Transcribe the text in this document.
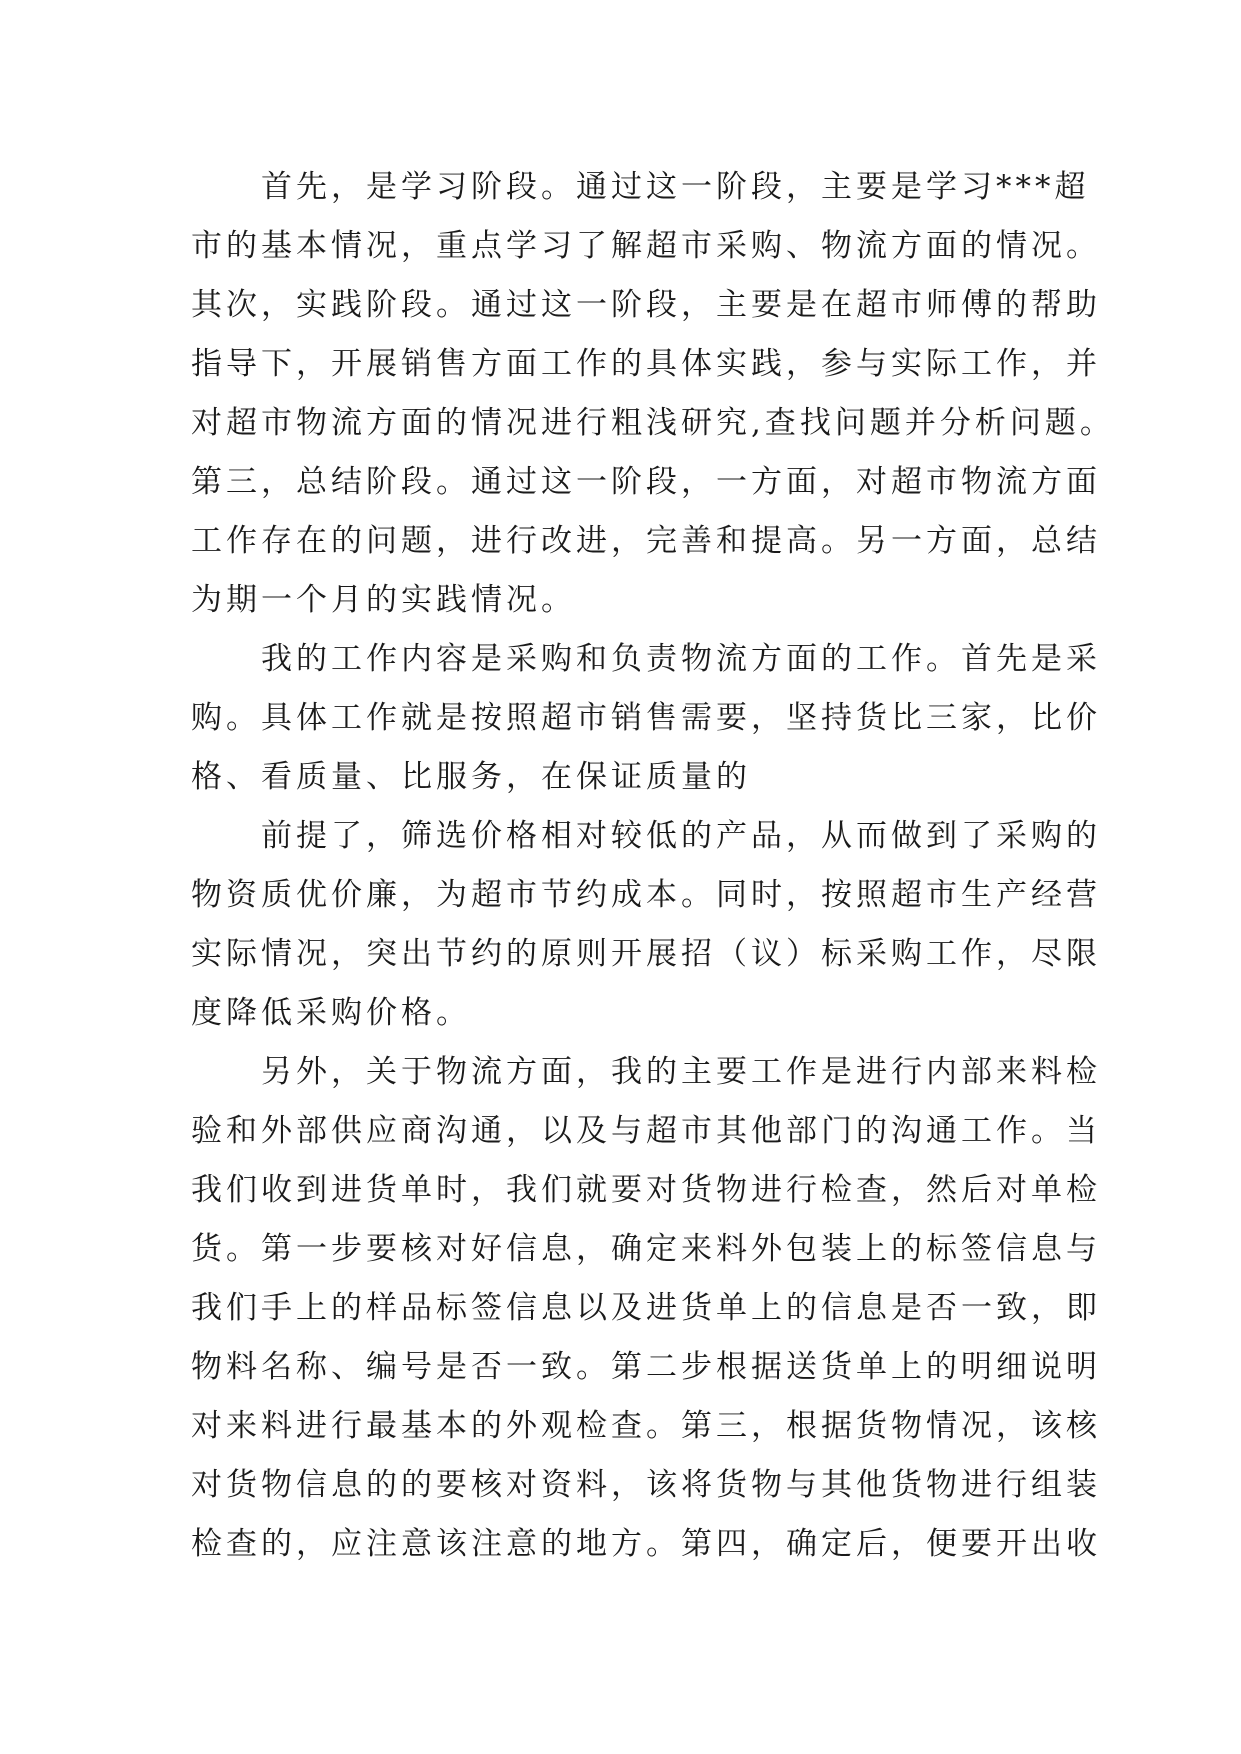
首先，是学习阶段。通过这一阶段，主要是学习***超
市的基本情况，重点学习了解超市采购、物流方面的情况。
其次，实践阶段。通过这一阶段，主要是在超市师傅的帮助
指导下，开展销售方面工作的具体实践，参与实际工作，并
对超市物流方面的情况进行粗浅研究,查找问题并分析问题。
第三，总结阶段。通过这一阶段，一方面，对超市物流方面
工作存在的问题，进行改进，完善和提高。另一方面，总结
为期一个月的实践情况。
我的工作内容是采购和负责物流方面的工作。首先是采
购。具体工作就是按照超市销售需要，坚持货比三家，比价
格、看质量、比服务，在保证质量的
前提了，筛选价格相对较低的产品，从而做到了采购的
物资质优价廉，为超市节约成本。同时，按照超市生产经营
实际情况，突出节约的原则开展招（议）标采购工作，尽限
度降低采购价格。
另外，关于物流方面，我的主要工作是进行内部来料检
验和外部供应商沟通，以及与超市其他部门的沟通工作。当
我们收到进货单时，我们就要对货物进行检查，然后对单检
货。第一步要核对好信息，确定来料外包装上的标签信息与
我们手上的样品标签信息以及进货单上的信息是否一致，即
物料名称、编号是否一致。第二步根据送货单上的明细说明
对来料进行最基本的外观检查。第三，根据货物情况，该核
对货物信息的的要核对资料，该将货物与其他货物进行组装
检查的，应注意该注意的地方。第四，确定后，便要开出收
